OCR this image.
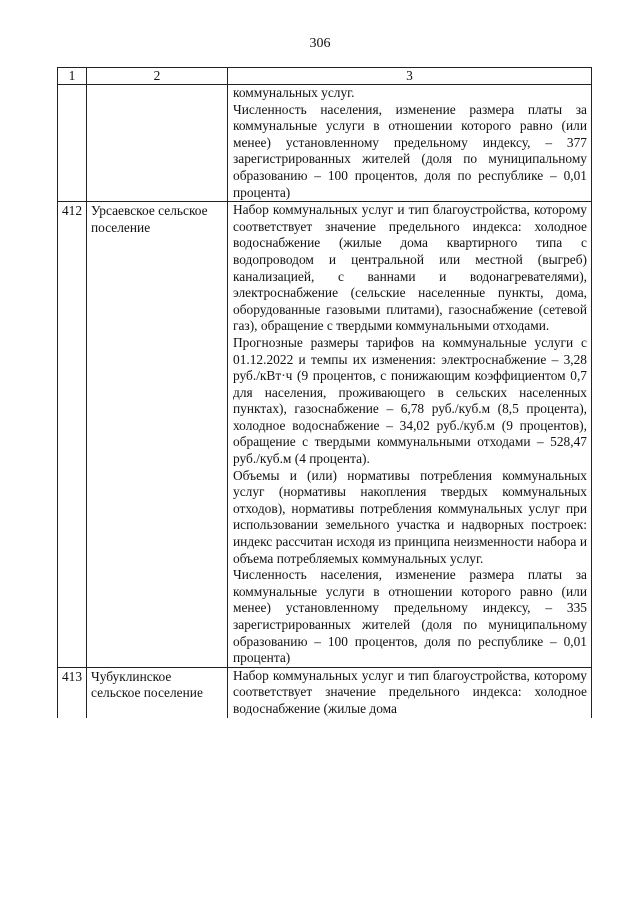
306
1	2	3

		коммунальных услуг.

Численность населения, изменение размера платы за коммунальные услуги в отношении которого равно (или менее) установленному предельному индексу, – 377 зарегистрированных жителей (доля по муниципальному образованию – 100 процентов, доля по республике – 0,01 процента)

412	Урсаевское сельское поселение	Набор коммунальных услуг и тип благоустройства, которому соответствует значение предельного индекса: холодное водоснабжение (жилые дома квартирного типа с водопроводом и центральной или местной (выгреб) канализацией, с ваннами и водонагревателями), электроснабжение (сельские населенные пункты, дома, оборудованные газовыми плитами), газоснабжение (сетевой газ), обращение с твердыми коммунальными отходами.

Прогнозные размеры тарифов на коммунальные услуги с 01.12.2022 и темпы их изменения: электроснабжение – 3,28 руб./кВт·ч (9 процентов, с понижающим коэффициентом 0,7 для населения, проживающего в сельских населенных пунктах), газоснабжение – 6,78 руб./куб.м (8,5 процента), холодное водоснабжение – 34,02 руб./куб.м (9 процентов), обращение с твердыми коммунальными отходами – 528,47 руб./куб.м (4 процента).

Объемы и (или) нормативы потребления коммунальных услуг (нормативы накопления твердых коммунальных отходов), нормативы потребления коммунальных услуг при использовании земельного участка и надворных построек: индекс рассчитан исходя из принципа неизменности набора и объема потребляемых коммунальных услуг.

Численность населения, изменение размера платы за коммунальные услуги в отношении которого равно (или менее) установленному предельному индексу, – 335 зарегистрированных жителей (доля по муниципальному образованию – 100 процентов, доля по республике – 0,01 процента)

413	Чубуклинское сельское поселение	Набор коммунальных услуг и тип благоустройства, которому соответствует значение предельного индекса: холодное водоснабжение (жилые дома
